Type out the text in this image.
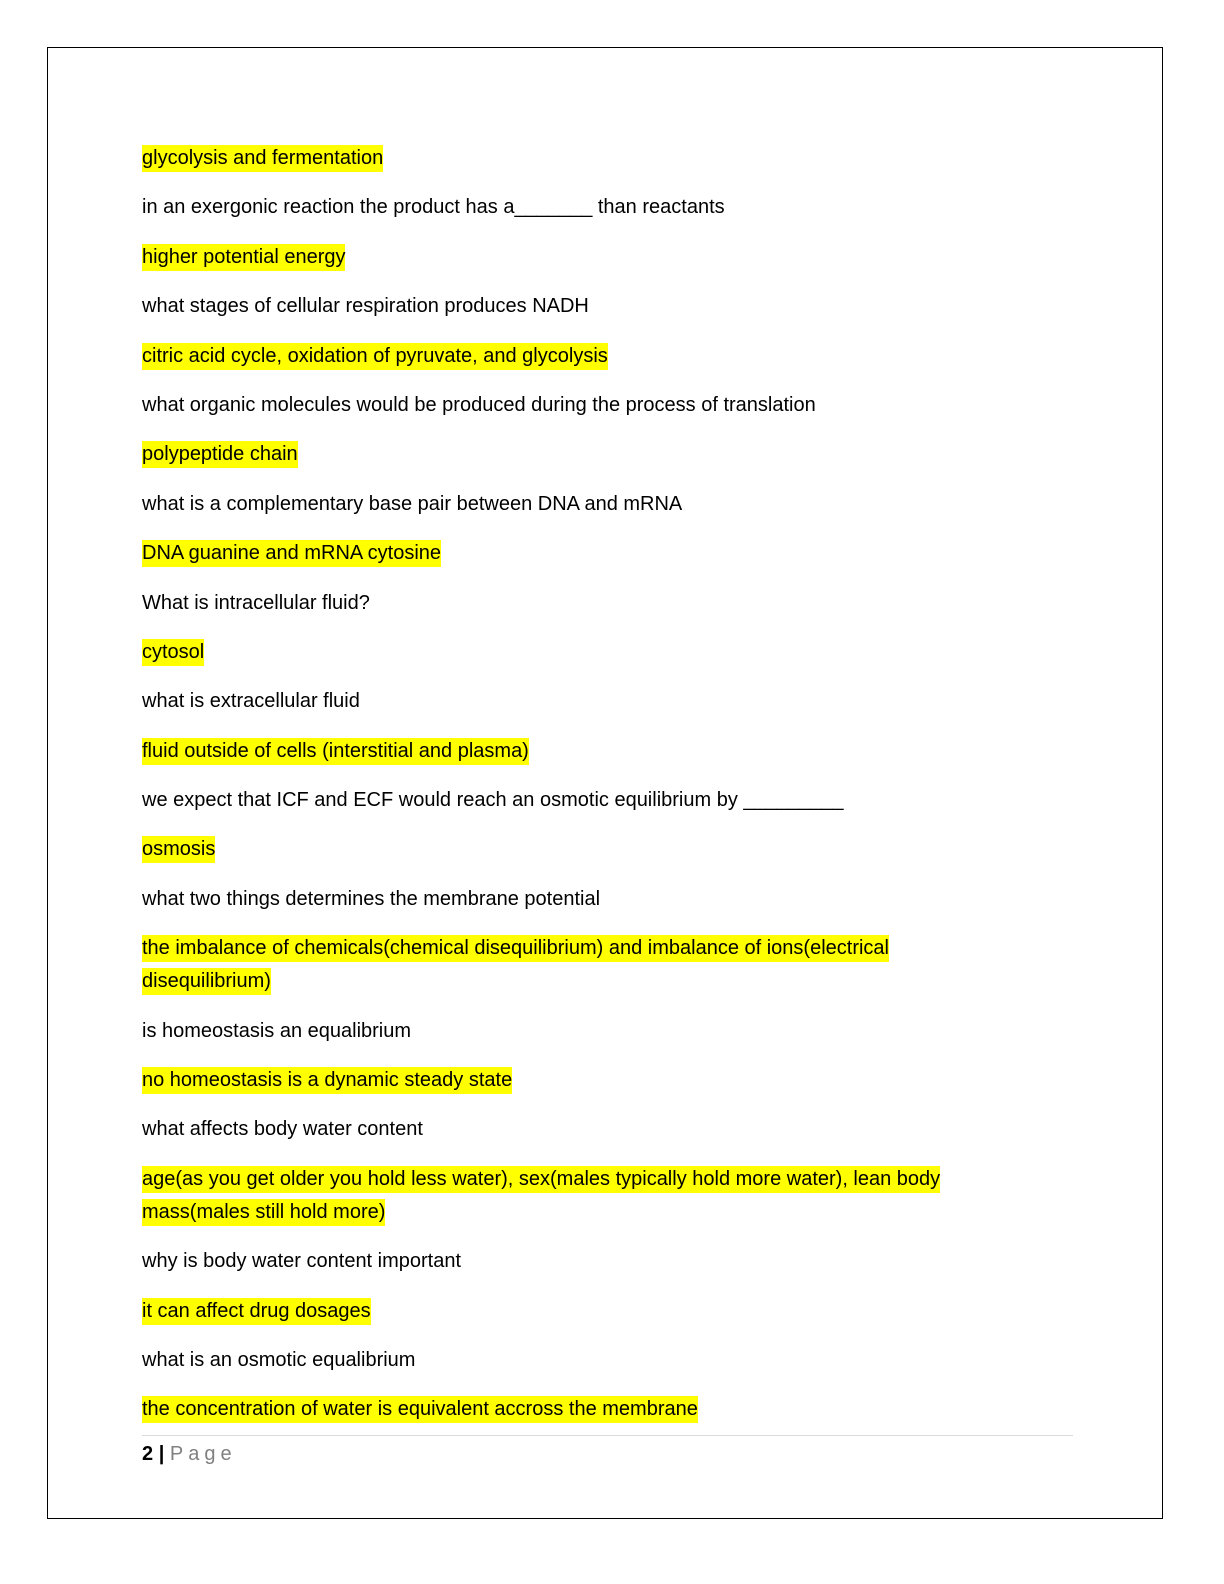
glycolysis and fermentation
in an exergonic reaction the product has a_______ than reactants
higher potential energy
what stages of cellular respiration produces NADH
citric acid cycle, oxidation of pyruvate, and glycolysis
what organic molecules would be produced during the process of translation
polypeptide chain
what is a complementary base pair between DNA and mRNA
DNA guanine and mRNA cytosine
What is intracellular fluid?
cytosol
what is extracellular fluid
fluid outside of cells (interstitial and plasma)
we expect that ICF and ECF would reach an osmotic equilibrium by _________
osmosis
what two things determines the membrane potential
the imbalance of chemicals(chemical disequilibrium) and imbalance of ions(electrical disequilibrium)
is homeostasis an equalibrium
no homeostasis is a dynamic steady state
what affects body water content
age(as you get older you hold less water), sex(males typically hold more water), lean body mass(males still hold more)
why is body water content important
it can affect drug dosages
what is an osmotic equalibrium
the concentration of water is equivalent accross the membrane
2 | Page
